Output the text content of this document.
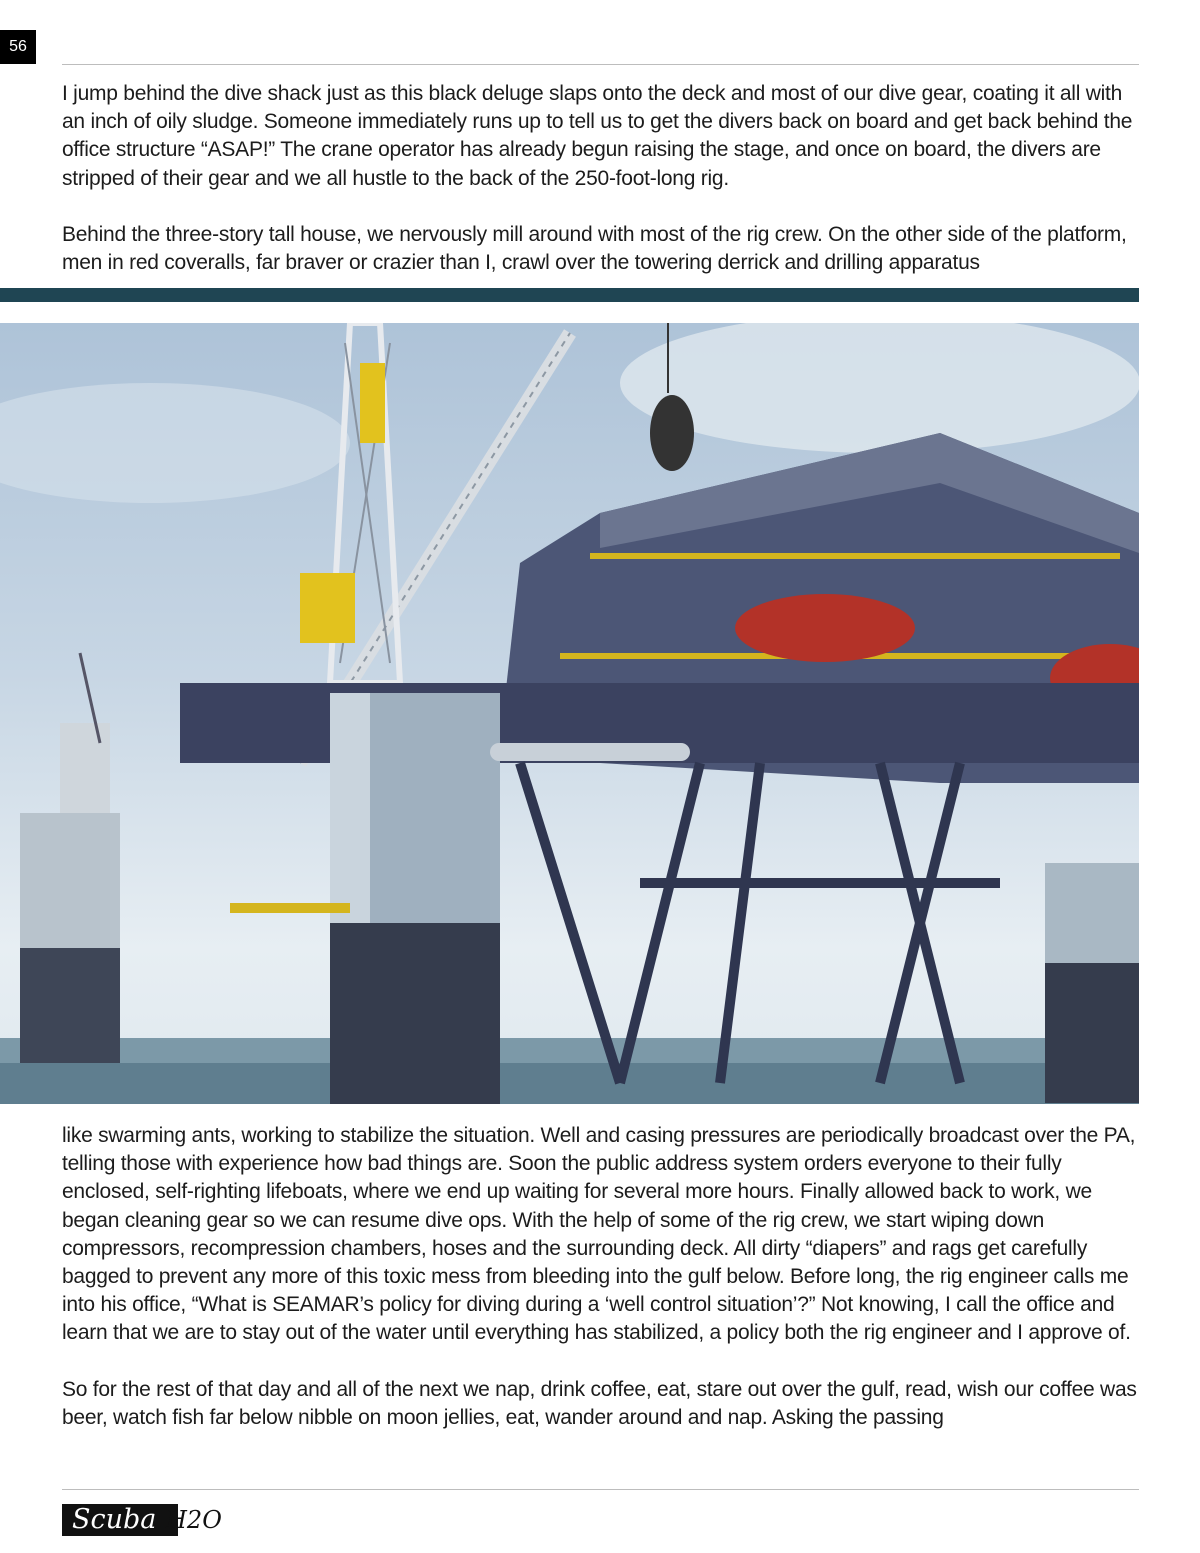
56

I jump behind the dive shack just as this black deluge slaps onto the deck and most of our dive gear, coating it all with an inch of oily sludge. Someone immediately runs up to tell us to get the divers back on board and get back behind the office structure “ASAP!” The crane operator has already begun raising the stage, and once on board, the divers are stripped of their gear and we all hustle to the back of the 250-foot-long rig.

Behind the three-story tall house, we nervously mill around with most of the rig crew. On the other side of the platform, men in red coveralls, far braver or crazier than I, crawl over the towering derrick and drilling apparatus

like swarming ants, working to stabilize the situation. Well and casing pressures are periodically broadcast over the PA, telling those with experience how bad things are. Soon the public address system orders everyone to their fully enclosed, self-righting lifeboats, where we end up waiting for several more hours. Finally allowed back to work, we began cleaning gear so we can resume dive ops. With the help of some of the rig crew, we start wiping down compressors, recompression chambers, hoses and the surrounding deck. All dirty “diapers” and rags get carefully bagged to prevent any more of this toxic mess from bleeding into the gulf below. Before long, the rig engineer calls me into his office, “What is SEAMAR’s policy for diving during a ‘well control situation’?” Not knowing, I call the office and learn that we are to stay out of the water until everything has stabilized, a policy both the rig engineer and I approve of.

So for the rest of that day and all of the next we nap, drink coffee, eat, stare out over the gulf, read, wish our coffee was beer, watch fish far below nibble on moon jellies, eat, wander around and nap. Asking the passing

Scuba H2O
